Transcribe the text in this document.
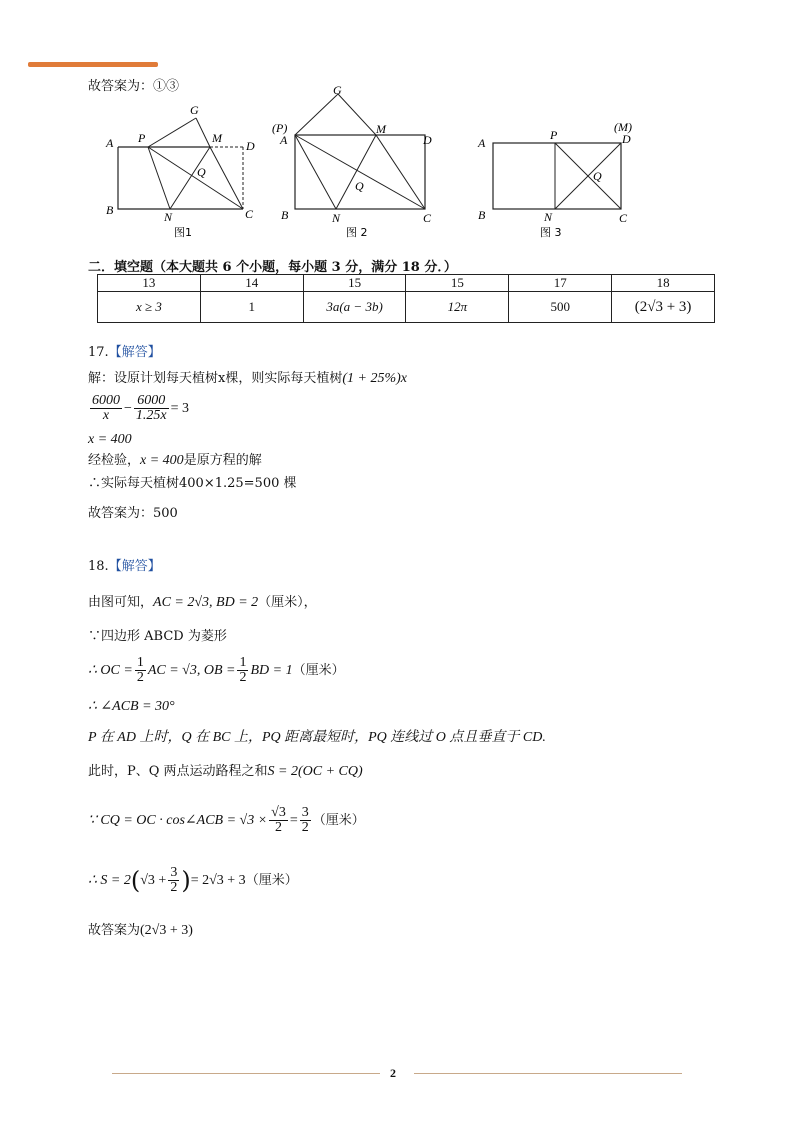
故答案为：①③
A
B	C
D
G
P	M
Q
N
图1
(P)
A
B	C
D
G
M
Q
N
图 2
A
B	C
D
(M)
P
Q
N
图 3
二．填空题（本大题共 6 个小题，每小题 3 分，满分 18 分．）
13	14	15	15	17	18
x ≥ 3	1	3a(a − 3b)	12π	500	(2√3 + 3)
17.【解答】
解：设原计划每天植树x棵，则实际每天植树(1 + 25%)x
$\frac{6000}{x} - \frac{6000}{1.25x} = 3$
x = 400
经检验，x = 400是原方程的解
∴实际每天植树400×1.25=500 棵
故答案为：500
18.【解答】
由图可知，AC = 2√3, BD = 2（厘米），
∵四边形 ABCD 为菱形
∴ OC = $\frac{1}{2}$ AC = √3, OB = $\frac{1}{2}$ BD = 1（厘米）
∴ ∠ACB = 30°
P 在 AD 上时，Q 在 BC 上，PQ 距离最短时，PQ 连线过 O 点且垂直于 CD.
此时，P、Q 两点运动路程之和S = 2(OC + CQ)
∵ CQ = OC · cos∠ACB = $√3 \times \frac{√3}{2} = \frac{3}{2}$ （厘米）
∴ $S = 2(√3 + \frac{3}{2}$ )= 2√3 + 3（厘米）
故答案为(2√3 + 3)
2
